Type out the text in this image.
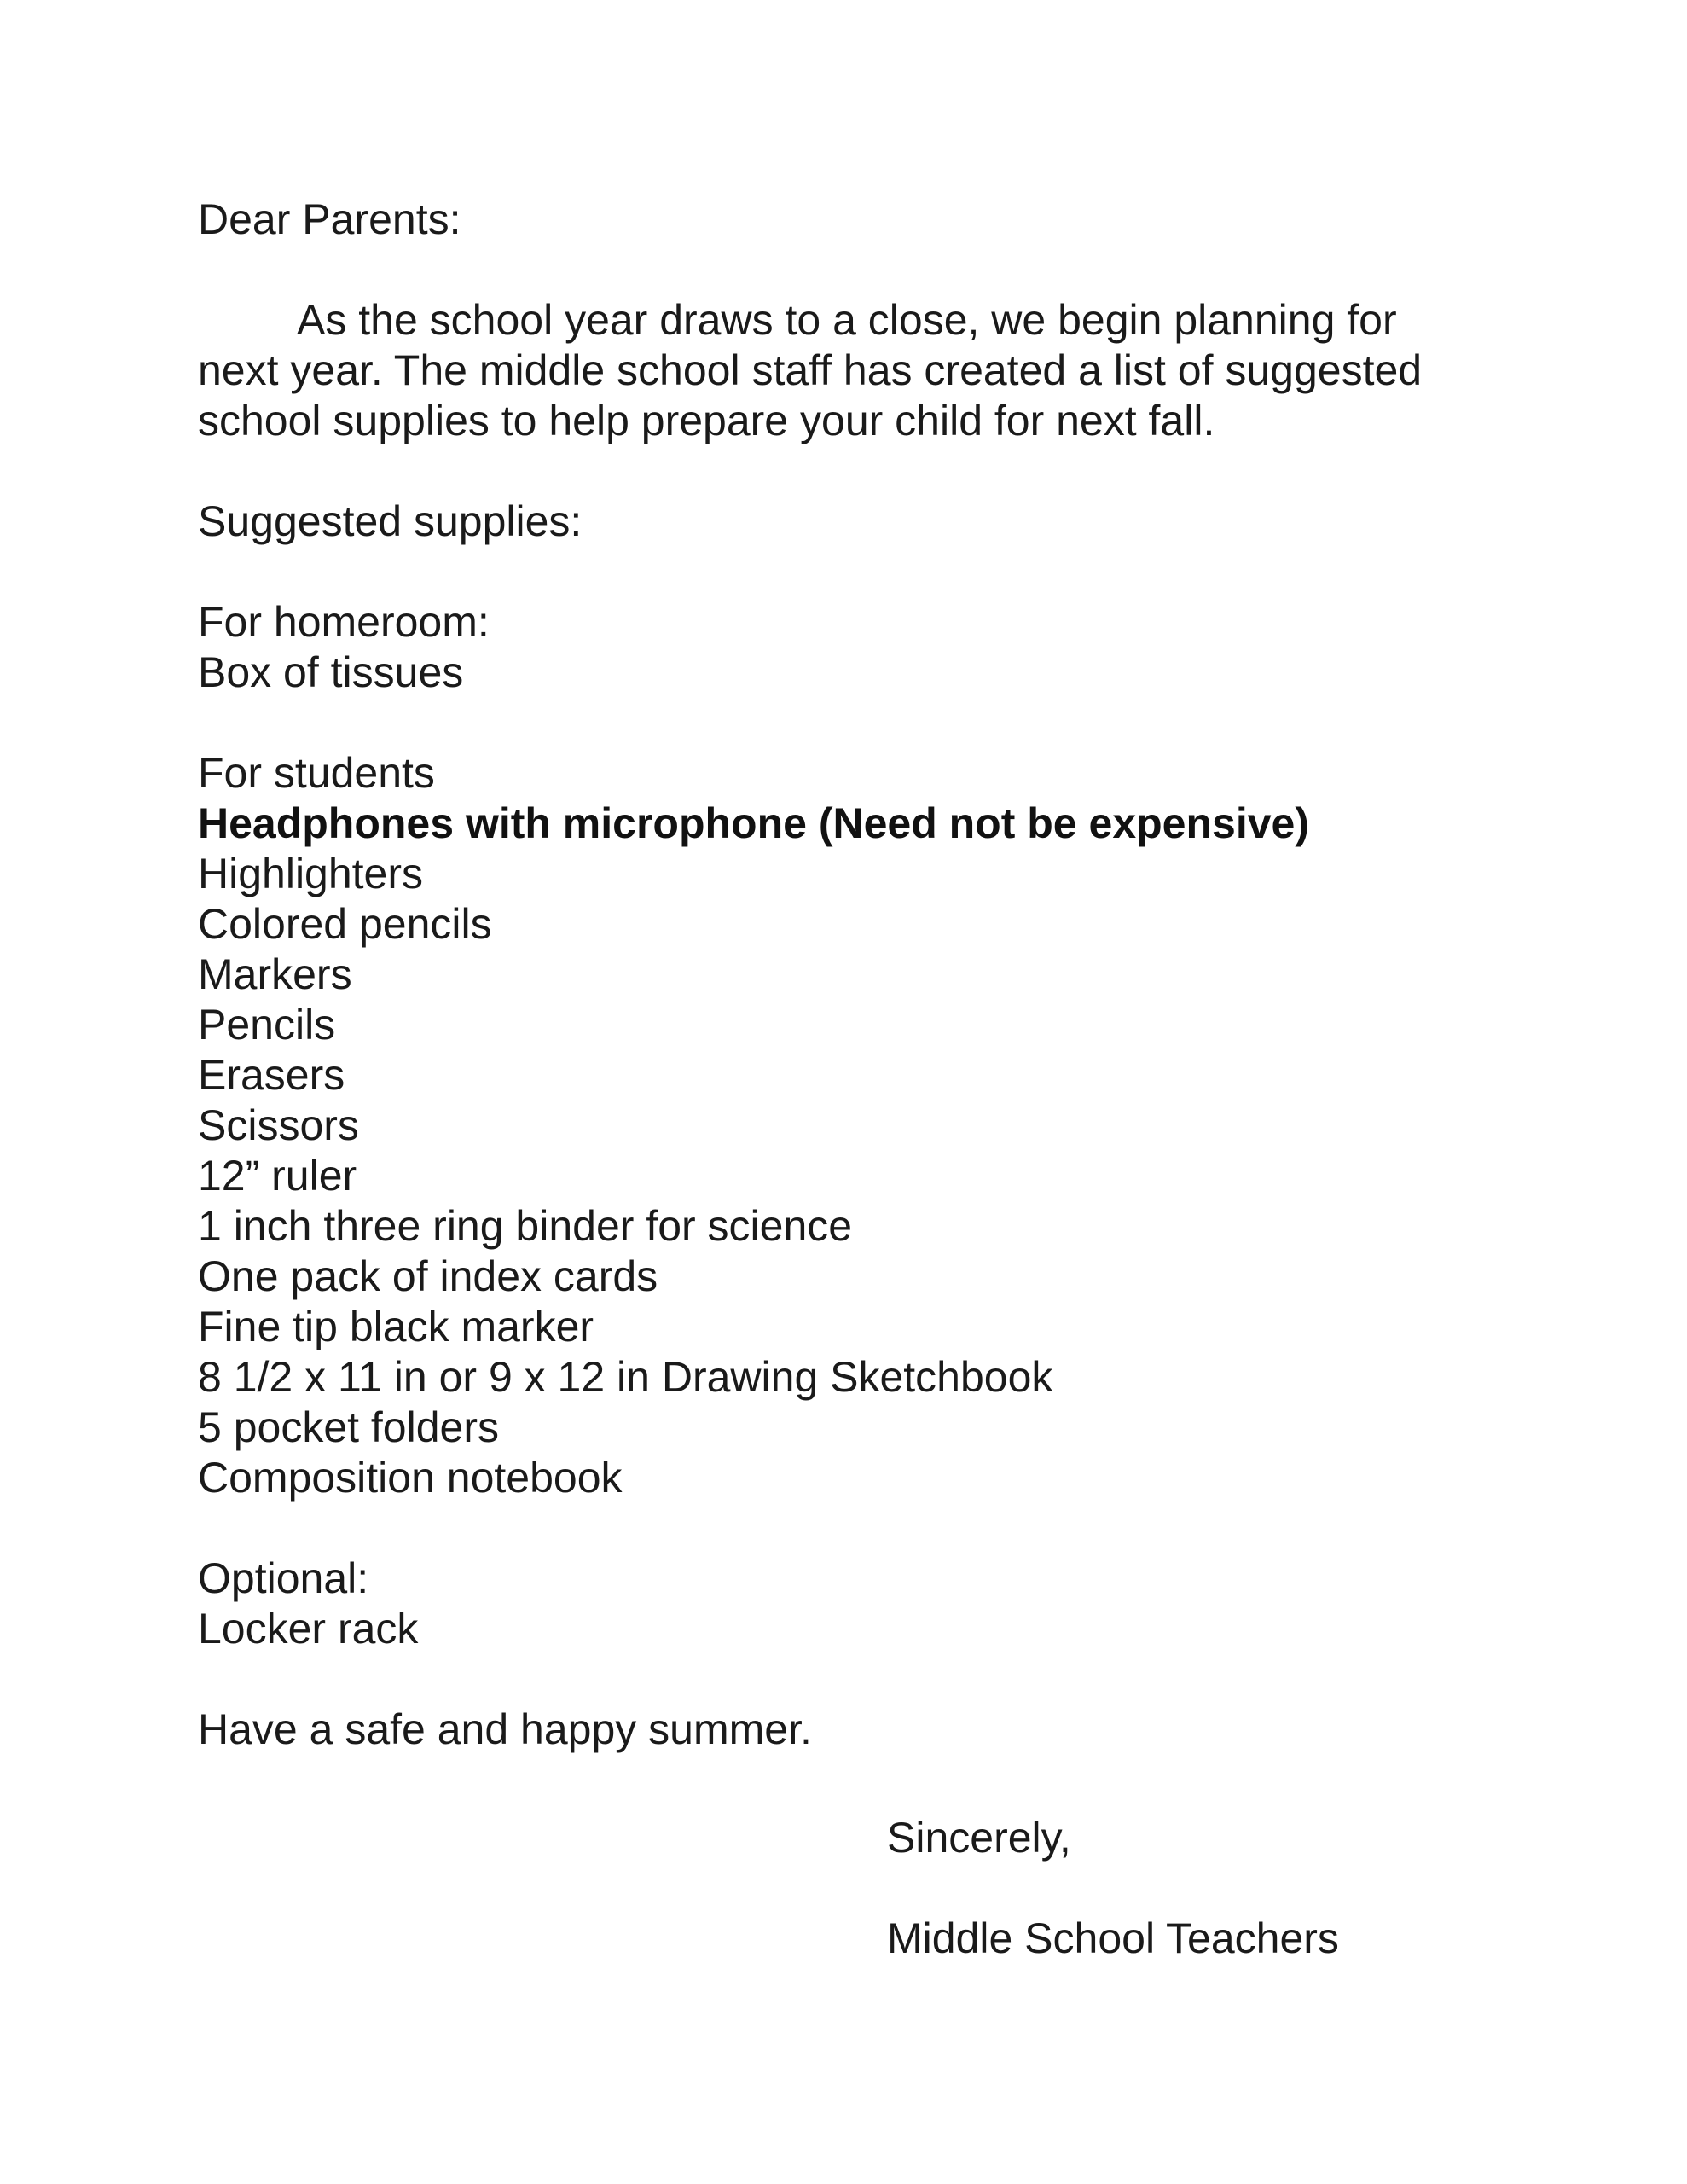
Dear Parents:
As the school year draws to a close, we begin planning for
next year. The middle school staff has created a list of suggested
school supplies to help prepare your child for next fall.
Suggested supplies:
For homeroom:
Box of tissues
For students
Headphones with microphone (Need not be expensive)
Highlighters
Colored pencils
Markers
Pencils
Erasers
Scissors
12” ruler
1 inch three ring binder for science
One pack of index cards
Fine tip black marker
8 1/2 x 11 in or 9 x 12 in Drawing Sketchbook
5 pocket folders
Composition notebook
Optional:
Locker rack
Have a safe and happy summer.
Sincerely,
Middle School Teachers
